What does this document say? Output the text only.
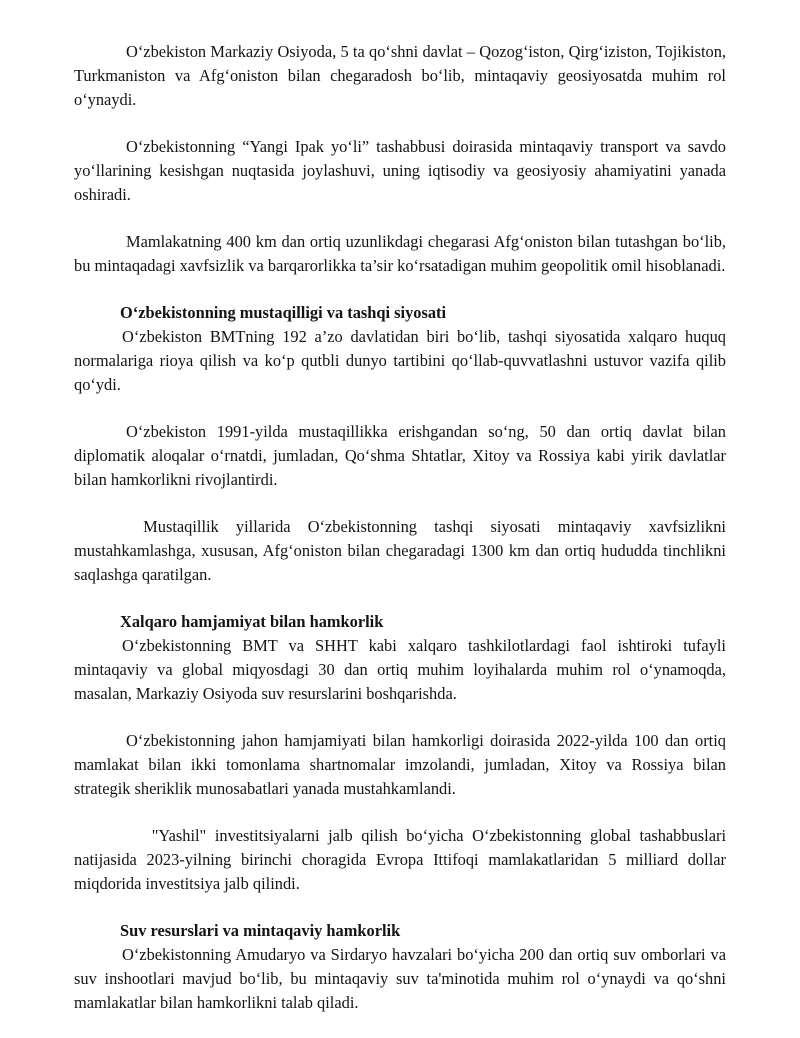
O‘zbekiston Markaziy Osiyoda, 5 ta qo‘shni davlat – Qozog‘iston, Qirg‘iziston, Tojikiston, Turkmaniston va Afg‘oniston bilan chegaradosh bo‘lib, mintaqaviy geosiyosatda muhim rol o‘ynaydi.

O‘zbekistonning “Yangi Ipak yo‘li” tashabbusi doirasida mintaqaviy transport va savdo yo‘llarining kesishgan nuqtasida joylashuvi, uning iqtisodiy va geosiyosiy ahamiyatini yanada oshiradi.

Mamlakatning 400 km dan ortiq uzunlikdagi chegarasi Afg‘oniston bilan tutashgan bo‘lib, bu mintaqadagi xavfsizlik va barqarorlikka ta’sir ko‘rsatadigan muhim geopolitik omil hisoblanadi.

O‘zbekistonning mustaqilligi va tashqi siyosati

O‘zbekiston BMTning 192 a’zo davlatidan biri bo‘lib, tashqi siyosatida xalqaro huquq normalariga rioya qilish va ko‘p qutbli dunyo tartibini qo‘llab-quvvatlashni ustuvor vazifa qilib qo‘ydi.

O‘zbekiston 1991-yilda mustaqillikka erishgandan so‘ng, 50 dan ortiq davlat bilan diplomatik aloqalar o‘rnatdi, jumladan, Qo‘shma Shtatlar, Xitoy va Rossiya kabi yirik davlatlar bilan hamkorlikni rivojlantirdi.

Mustaqillik yillarida O‘zbekistonning tashqi siyosati mintaqaviy xavfsizlikni mustahkamlashga, xususan, Afg‘oniston bilan chegaradagi 1300 km dan ortiq hududda tinchlikni saqlashga qaratilgan.

Xalqaro hamjamiyat bilan hamkorlik

O‘zbekistonning BMT va SHHT kabi xalqaro tashkilotlardagi faol ishtiroki tufayli mintaqaviy va global miqyosdagi 30 dan ortiq muhim loyihalarda muhim rol o‘ynamoqda, masalan, Markaziy Osiyoda suv resurslarini boshqarishda.

O‘zbekistonning jahon hamjamiyati bilan hamkorligi doirasida 2022-yilda 100 dan ortiq mamlakat bilan ikki tomonlama shartnomalar imzolandi, jumladan, Xitoy va Rossiya bilan strategik sheriklik munosabatlari yanada mustahkamlandi.

"Yashil" investitsiyalarni jalb qilish bo‘yicha O‘zbekistonning global tashabbuslari natijasida 2023-yilning birinchi choragida Evropa Ittifoqi mamlakatlaridan 5 milliard dollar miqdorida investitsiya jalb qilindi.

Suv resurslari va mintaqaviy hamkorlik

O‘zbekistonning Amudaryo va Sirdaryo havzalari bo‘yicha 200 dan ortiq suv omborlari va suv inshootlari mavjud bo‘lib, bu mintaqaviy suv ta'minotida muhim rol o‘ynaydi va qo‘shni mamlakatlar bilan hamkorlikni talab qiladi.
